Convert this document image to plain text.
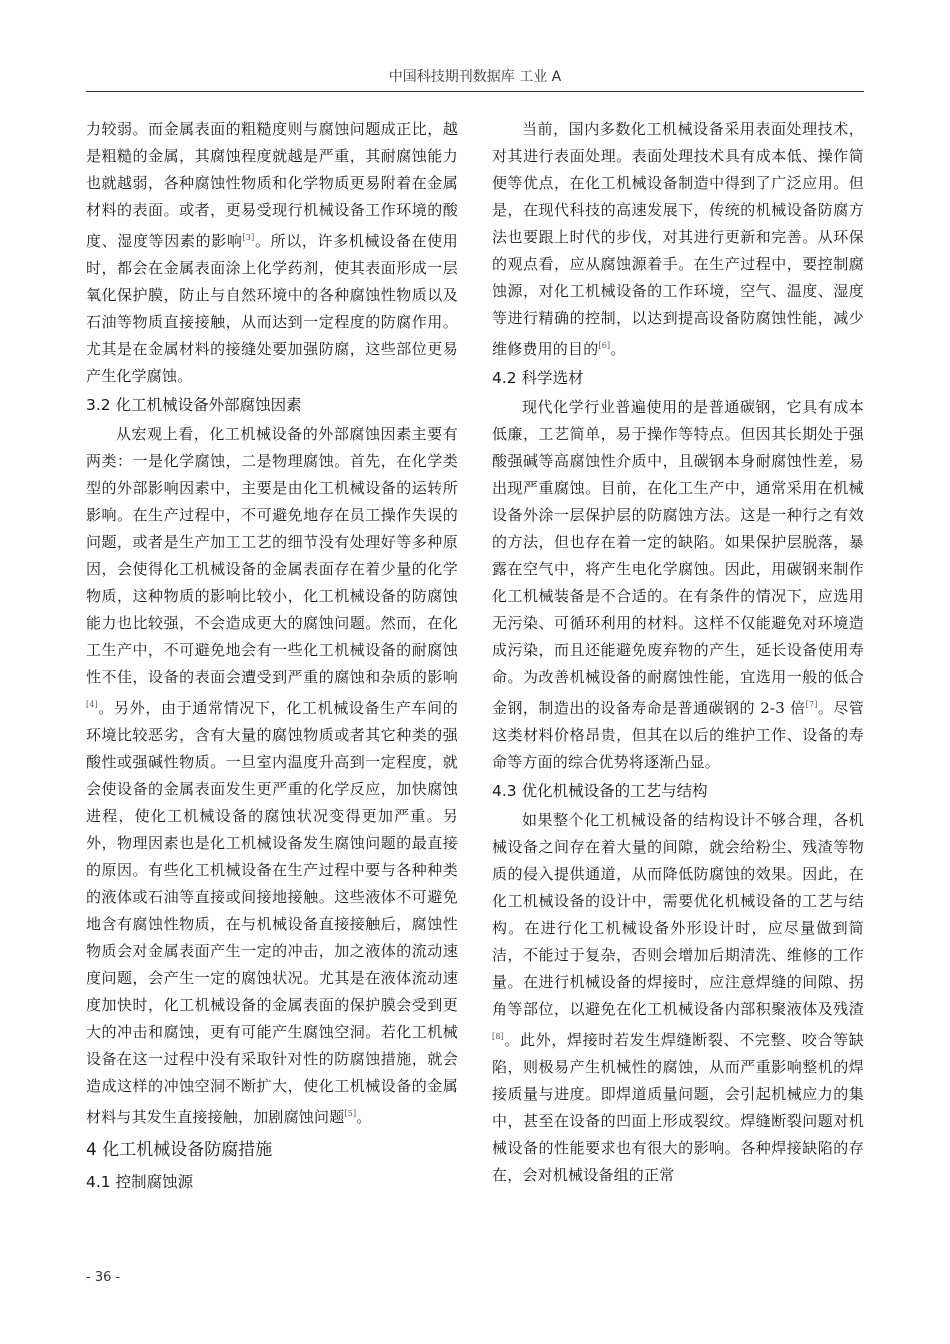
中国科技期刊数据库 工业 A

力较弱。而金属表面的粗糙度则与腐蚀问题成正比，越是粗糙的金属，其腐蚀程度就越是严重，其耐腐蚀能力也就越弱，各种腐蚀性物质和化学物质更易附着在金属材料的表面。或者，更易受现行机械设备工作环境的酸度、湿度等因素的影响[3]。所以，许多机械设备在使用时，都会在金属表面涂上化学药剂，使其表面形成一层氧化保护膜，防止与自然环境中的各种腐蚀性物质以及石油等物质直接接触，从而达到一定程度的防腐作用。尤其是在金属材料的接缝处要加强防腐，这些部位更易产生化学腐蚀。

3.2 化工机械设备外部腐蚀因素

从宏观上看，化工机械设备的外部腐蚀因素主要有两类：一是化学腐蚀，二是物理腐蚀。首先，在化学类型的外部影响因素中，主要是由化工机械设备的运转所影响。在生产过程中，不可避免地存在员工操作失误的问题，或者是生产加工工艺的细节没有处理好等多种原因，会使得化工机械设备的金属表面存在着少量的化学物质，这种物质的影响比较小，化工机械设备的防腐蚀能力也比较强，不会造成更大的腐蚀问题。然而，在化工生产中，不可避免地会有一些化工机械设备的耐腐蚀性不佳，设备的表面会遭受到严重的腐蚀和杂质的影响[4]。另外，由于通常情况下，化工机械设备生产车间的环境比较恶劣，含有大量的腐蚀物质或者其它种类的强酸性或强碱性物质。一旦室内温度升高到一定程度，就会使设备的金属表面发生更严重的化学反应，加快腐蚀进程，使化工机械设备的腐蚀状况变得更加严重。另外，物理因素也是化工机械设备发生腐蚀问题的最直接的原因。有些化工机械设备在生产过程中要与各种种类的液体或石油等直接或间接地接触。这些液体不可避免地含有腐蚀性物质，在与机械设备直接接触后，腐蚀性物质会对金属表面产生一定的冲击，加之液体的流动速度问题，会产生一定的腐蚀状况。尤其是在液体流动速度加快时，化工机械设备的金属表面的保护膜会受到更大的冲击和腐蚀，更有可能产生腐蚀空洞。若化工机械设备在这一过程中没有采取针对性的防腐蚀措施，就会造成这样的冲蚀空洞不断扩大，使化工机械设备的金属材料与其发生直接接触，加剧腐蚀问题[5]。

4 化工机械设备防腐措施
4.1 控制腐蚀源

当前，国内多数化工机械设备采用表面处理技术，对其进行表面处理。表面处理技术具有成本低、操作简便等优点，在化工机械设备制造中得到了广泛应用。但是，在现代科技的高速发展下，传统的机械设备防腐方法也要跟上时代的步伐，对其进行更新和完善。从环保的观点看，应从腐蚀源着手。在生产过程中，要控制腐蚀源，对化工机械设备的工作环境，空气、温度、湿度等进行精确的控制，以达到提高设备防腐蚀性能，减少维修费用的目的[6]。

4.2 科学选材

现代化学行业普遍使用的是普通碳钢，它具有成本低廉，工艺简单，易于操作等特点。但因其长期处于强酸强碱等高腐蚀性介质中，且碳钢本身耐腐蚀性差，易出现严重腐蚀。目前，在化工生产中，通常采用在机械设备外涂一层保护层的防腐蚀方法。这是一种行之有效的方法，但也存在着一定的缺陷。如果保护层脱落，暴露在空气中，将产生电化学腐蚀。因此，用碳钢来制作化工机械装备是不合适的。在有条件的情况下，应选用无污染、可循环利用的材料。这样不仅能避免对环境造成污染，而且还能避免废弃物的产生，延长设备使用寿命。为改善机械设备的耐腐蚀性能，宜选用一般的低合金钢，制造出的设备寿命是普通碳钢的 2-3 倍[7]。尽管这类材料价格昂贵，但其在以后的维护工作、设备的寿命等方面的综合优势将逐渐凸显。

4.3 优化机械设备的工艺与结构

如果整个化工机械设备的结构设计不够合理，各机械设备之间存在着大量的间隙，就会给粉尘、残渣等物质的侵入提供通道，从而降低防腐蚀的效果。因此，在化工机械设备的设计中，需要优化机械设备的工艺与结构。在进行化工机械设备外形设计时，应尽量做到简洁，不能过于复杂，否则会增加后期清洗、维修的工作量。在进行机械设备的焊接时，应注意焊缝的间隙、拐角等部位，以避免在化工机械设备内部积聚液体及残渣[8]。此外，焊接时若发生焊缝断裂、不完整、咬合等缺陷，则极易产生机械性的腐蚀，从而严重影响整机的焊接质量与进度。即焊道质量问题，会引起机械应力的集中，甚至在设备的凹面上形成裂纹。焊缝断裂问题对机械设备的性能要求也有很大的影响。各种焊接缺陷的存在，会对机械设备组的正常

- 36 -
